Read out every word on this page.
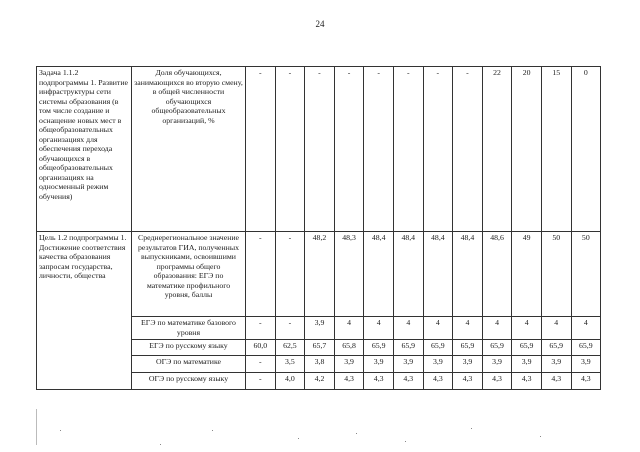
24
Задача 1.1.2 подпрограммы 1. Развитие инфраструктуры сети системы образования (в том числе создание и оснащение новых мест в общеобразовательных организациях для обеспечения перехода обучающихся в общеобразовательных организациях на односменный режим обучения)	Доля обучающихся, занимающихся во вторую смену, в общей численности обучающихся общеобразовательных организаций, %	-	-	-	-	-	-	-	-	22	20	15	0
Цель 1.2 подпрограммы 1. Достижение соответствия качества образования запросам государства, личности, общества	Среднерегиональное значение результатов ГИА, полученных выпускниками, освоившими программы общего образования: ЕГЭ по математике профильного уровня, баллы	-	-	48,2	48,3	48,4	48,4	48,4	48,4	48,6	49	50	50
	ЕГЭ по математике базового уровня	-	-	3,9	4	4	4	4	4	4	4	4	4
	ЕГЭ по русскому языку	60,0	62,5	65,7	65,8	65,9	65,9	65,9	65,9	65,9	65,9	65,9	65,9
	ОГЭ по математике	-	3,5	3,8	3,9	3,9	3,9	3,9	3,9	3,9	3,9	3,9	3,9
	ОГЭ по русскому языку	-	4,0	4,2	4,3	4,3	4,3	4,3	4,3	4,3	4,3	4,3	4,3
